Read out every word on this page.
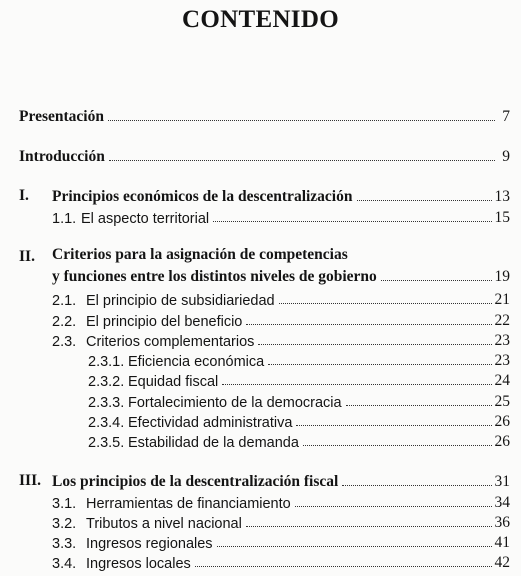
CONTENIDO
Presentación	7
Introducción	9
I. Principios económicos de la descentralización	13
1.1. El aspecto territorial	15
II. Criterios para la asignación de competencias
y funciones entre los distintos niveles de gobierno	19
2.1. El principio de subsidiariedad	21
2.2. El principio del beneficio	22
2.3. Criterios complementarios	23
2.3.1. Eficiencia económica	23
2.3.2. Equidad fiscal	24
2.3.3. Fortalecimiento de la democracia	25
2.3.4. Efectividad administrativa	26
2.3.5. Estabilidad de la demanda	26
III. Los principios de la descentralización fiscal	31
3.1. Herramientas de financiamiento	34
3.2. Tributos a nivel nacional	36
3.3. Ingresos regionales	41
3.4. Ingresos locales	42
